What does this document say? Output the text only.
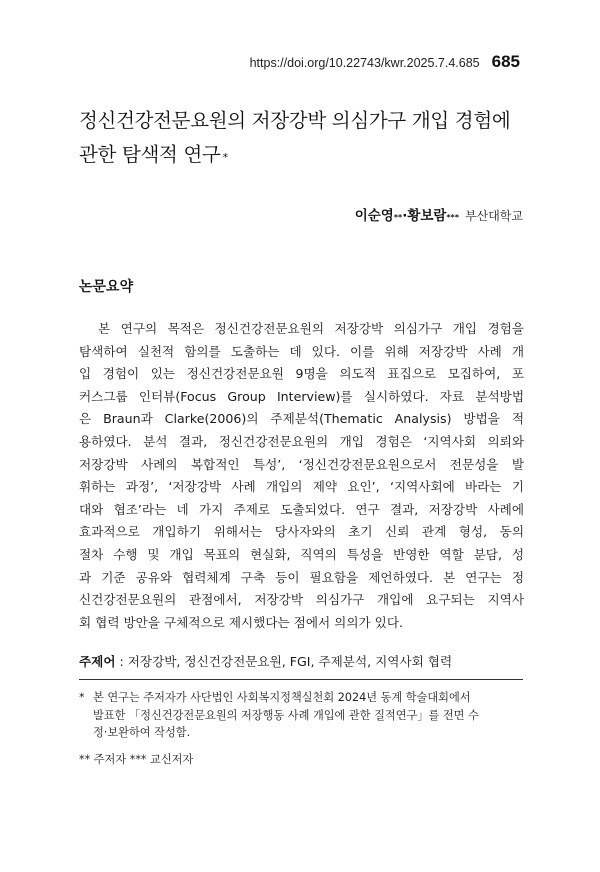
https://doi.org/10.22743/kwr.2025.7.4.685 685
정신건강전문요원의 저장강박 의심가구 개입 경험에
관한 탐색적 연구 *
이순영 ** · 황보람 *** 부산대학교
논문요약
　본 연구의 목적은 정신건강전문요원의 저장강박 의심가구 개입 경험을
탐색하여 실천적 함의를 도출하는 데 있다. 이를 위해 저장강박 사례 개
입 경험이 있는 정신건강전문요원 9명을 의도적 표집으로 모집하여, 포
커스그룹 인터뷰(Focus Group Interview)를 실시하였다. 자료 분석방법
은 Braun과 Clarke(2006)의 주제분석(Thematic Analysis) 방법을 적
용하였다. 분석 결과, 정신건강전문요원의 개입 경험은 ‘지역사회 의뢰와
저장강박 사례의 복합적인 특성’, ‘정신건강전문요원으로서 전문성을 발
휘하는 과정’, ‘저장강박 사례 개입의 제약 요인’, ‘지역사회에 바라는 기
대와 협조’라는 네 가지 주제로 도출되었다. 연구 결과, 저장강박 사례에
효과적으로 개입하기 위해서는 당사자와의 초기 신뢰 관계 형성, 동의
절차 수행 및 개입 목표의 현실화, 직역의 특성을 반영한 역할 분담, 성
과 기준 공유와 협력체계 구축 등이 필요함을 제언하였다. 본 연구는 정
신건강전문요원의 관점에서, 저장강박 의심가구 개입에 요구되는 지역사
회 협력 방안을 구체적으로 제시했다는 점에서 의의가 있다.
주제어 : 저장강박, 정신건강전문요원, FGI, 주제분석, 지역사회 협력
* 본 연구는 주저자가 사단법인 사회복지정책실천회 2024년 동계 학술대회에서
발표한 「정신건강전문요원의 저장행동 사례 개입에 관한 질적연구」를 전면 수
정·보완하여 작성함.
** 주저자 *** 교신저자
